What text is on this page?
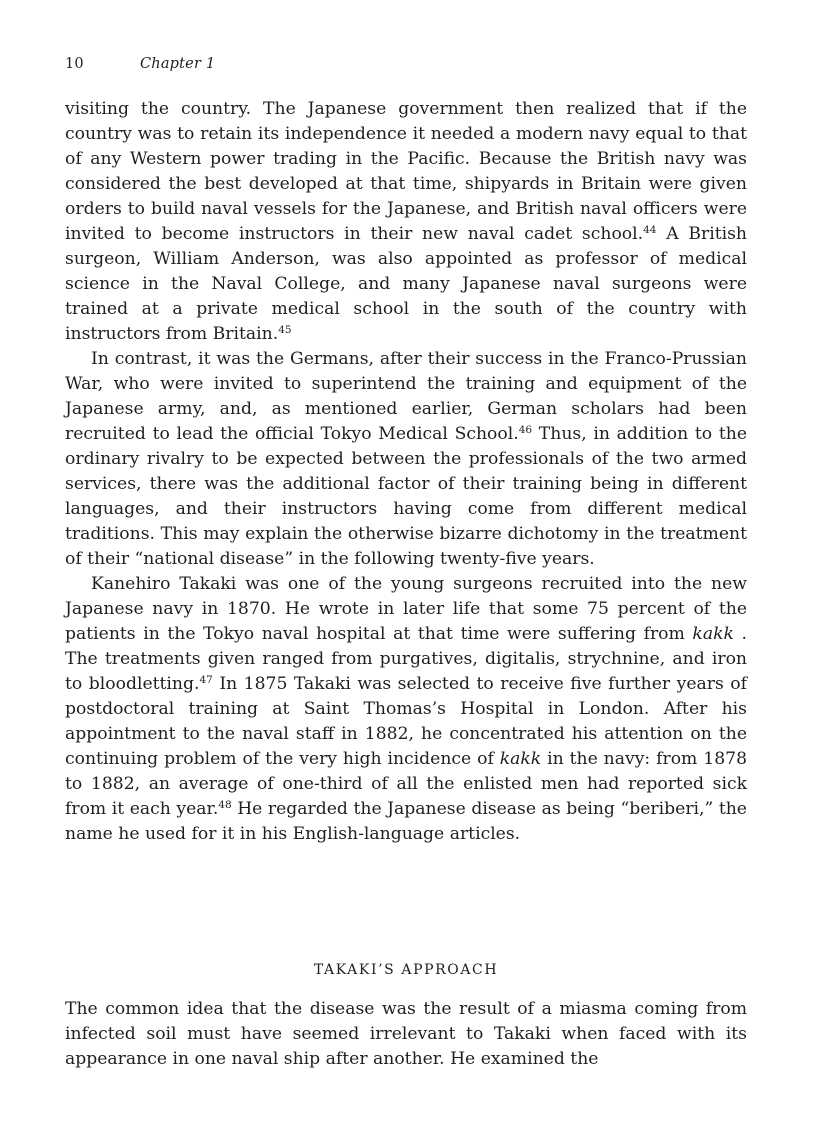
10	Chapter 1

visiting the country. The Japanese government then realized that if the country was to retain its independence it needed a modern navy equal to that of any Western power trading in the Pacific. Because the British navy was considered the best developed at that time, shipyards in Britain were given orders to build naval vessels for the Japanese, and British naval officers were invited to become instructors in their new naval cadet school.$^{44}$ A British surgeon, William Anderson, was also appointed as professor of medical science in the Naval College, and many Japanese naval surgeons were trained at a private medical school in the south of the country with instructors from Britain.$^{45}$

In contrast, it was the Germans, after their success in the Franco-Prussian War, who were invited to superintend the training and equipment of the Japanese army, and, as mentioned earlier, German scholars had been recruited to lead the official Tokyo Medical School.$^{46}$ Thus, in addition to the ordinary rivalry to be expected between the professionals of the two armed services, there was the additional factor of their training being in different languages, and their instructors having come from different medical traditions. This may explain the otherwise bizarre dichotomy in the treatment of their “national disease” in the following twenty-five years.

Kanehiro Takaki was one of the young surgeons recruited into the new Japanese navy in 1870. He wrote in later life that some 75 percent of the patients in the Tokyo naval hospital at that time were suffering from kakk . The treatments given ranged from purgatives, digitalis, strychnine, and iron to bloodletting.$^{47}$ In 1875 Takaki was selected to receive five further years of postdoctoral training at Saint Thomas’s Hospital in London. After his appointment to the naval staff in 1882, he concentrated his attention on the continuing problem of the very high incidence of kakk in the navy: from 1878 to 1882, an average of one-third of all the enlisted men had reported sick from it each year.$^{48}$ He regarded the Japanese disease as being “beriberi,” the name he used for it in his English-language articles.

TAKAKI’S APPROACH

The common idea that the disease was the result of a miasma coming from infected soil must have seemed irrelevant to Takaki when faced with its appearance in one naval ship after another. He examined the
